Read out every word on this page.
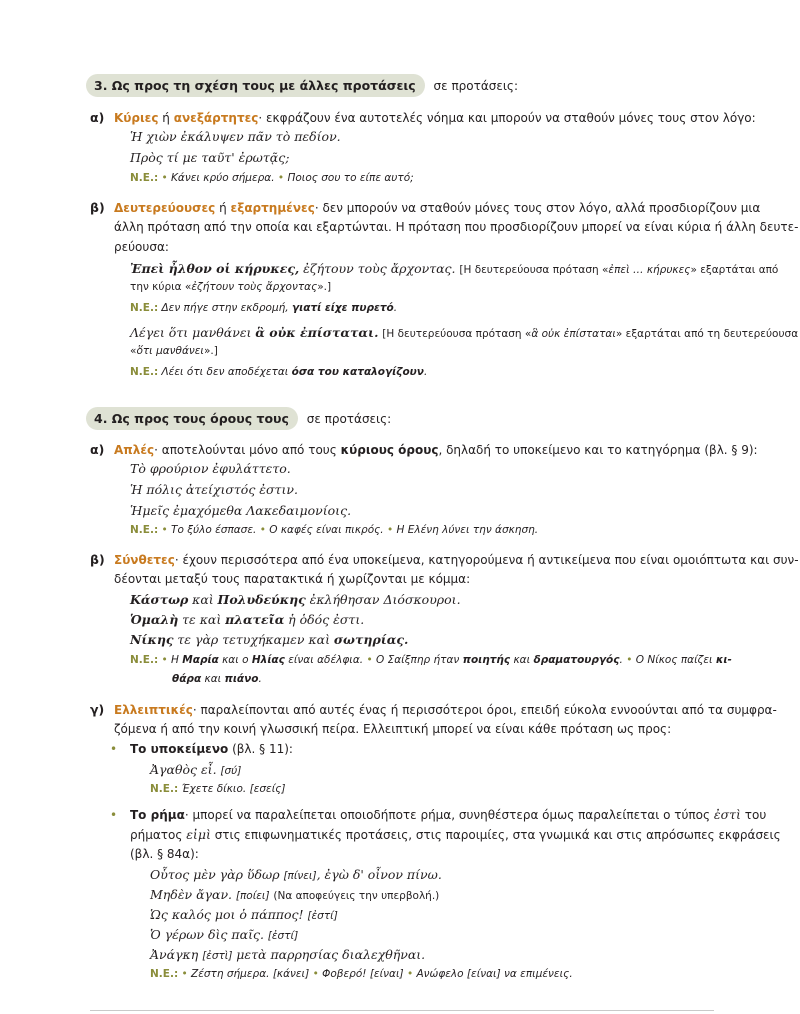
3. Ως προς τη σχέση τους με άλλες προτάσεις σε προτάσεις:
α) Κύριες ή ανεξάρτητες· εκφράζουν ένα αυτοτελές νόημα και μπορούν να σταθούν μόνες τους στον λόγο:
Ἡ χιὼν ἐκάλυψεν πᾶν τὸ πεδίον.
Πρὸς τί με ταῦτ' ἐρωτᾷς;
Ν.Ε.: • Κάνει κρύο σήμερα. • Ποιος σου το είπε αυτό;
β) Δευτερεύουσες ή εξαρτημένες· δεν μπορούν να σταθούν μόνες τους στον λόγο, αλλά προσδιορίζουν μια
άλλη πρόταση από την οποία και εξαρτώνται. Η πρόταση που προσδιορίζουν μπορεί να είναι κύρια ή άλλη δευτε-
ρεύουσα:
Ἐπεὶ ἦλθον οἱ κήρυκες, ἐζήτουν τοὺς ἄρχοντας. [Η δευτερεύουσα πρόταση «ἐπεὶ … κήρυκες» εξαρτάται από
την κύρια «ἐζήτουν τοὺς ἄρχοντας».]
Ν.Ε.: Δεν πήγε στην εκδρομή, γιατί είχε πυρετό.
Λέγει ὅτι μανθάνει ἃ οὐκ ἐπίσταται. [Η δευτερεύουσα πρόταση «ἃ οὐκ ἐπίσταται» εξαρτάται από τη δευτερεύουσα
«ὅτι μανθάνει».]
Ν.Ε.: Λέει ότι δεν αποδέχεται όσα του καταλογίζουν.
4. Ως προς τους όρους τους σε προτάσεις:
α) Απλές· αποτελούνται μόνο από τους κύριους όρους, δηλαδή το υποκείμενο και το κατηγόρημα (βλ. § 9):
Τὸ φρούριον ἐφυλάττετο.
Ἡ πόλις ἀτείχιστός ἐστιν.
Ἡμεῖς ἐμαχόμεθα Λακεδαιμονίοις.
Ν.Ε.: • Το ξύλο έσπασε. • Ο καφές είναι πικρός. • Η Ελένη λύνει την άσκηση.
β) Σύνθετες· έχουν περισσότερα από ένα υποκείμενα, κατηγορούμενα ή αντικείμενα που είναι ομοιόπτωτα και συν-
δέονται μεταξύ τους παρατακτικά ή χωρίζονται με κόμμα:
Κάστωρ καὶ Πολυδεύκης ἐκλήθησαν Διόσκουροι.
Ὁμαλὴ τε καὶ πλατεῖα ἡ ὁδός ἐστι.
Νίκης τε γὰρ τετυχήκαμεν καὶ σωτηρίας.
Ν.Ε.: • Η Μαρία και ο Ηλίας είναι αδέλφια. • Ο Σαίξπηρ ήταν ποιητής και δραματουργός. • Ο Νίκος παίζει κι-
θάρα και πιάνο.
γ) Ελλειπτικές· παραλείπονται από αυτές ένας ή περισσότεροι όροι, επειδή εύκολα εννοούνται από τα συμφρα-
ζόμενα ή από την κοινή γλωσσική πείρα. Ελλειπτική μπορεί να είναι κάθε πρόταση ως προς:
• Το υποκείμενο (βλ. § 11):
Ἀγαθὸς εἶ. [σύ]
Ν.Ε.: Έχετε δίκιο. [εσείς]
• Το ρήμα· μπορεί να παραλείπεται οποιοδήποτε ρήμα, συνηθέστερα όμως παραλείπεται ο τύπος ἐστὶ του
ρήματος εἰμὶ στις επιφωνηματικές προτάσεις, στις παροιμίες, στα γνωμικά και στις απρόσωπες εκφράσεις
(βλ. § 84α):
Οὗτος μὲν γὰρ ὕδωρ [πίνει], ἐγὼ δ' οἶνον πίνω.
Μηδὲν ἄγαν. [ποίει] (Να αποφεύγεις την υπερβολή.)
Ὡς καλός μοι ὁ πάππος! [ἐστί]
Ὁ γέρων δὶς παῖς. [ἐστί]
Ἀνάγκη [ἐστὶ] μετὰ παρρησίας διαλεχθῆναι.
Ν.Ε.: • Ζέστη σήμερα. [κάνει] • Φοβερό! [είναι] • Ανώφελο [είναι] να επιμένεις.
